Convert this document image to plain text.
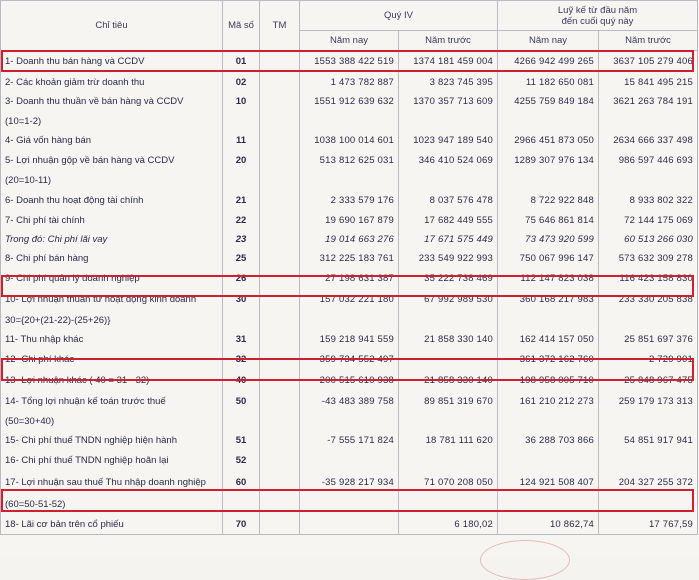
Chỉ tiêu	Mã số	TM	Quý IV		Luỹ kế từ đầu năm
đến cuối quý này	

			Năm nay	Năm trước	Năm nay	Năm trước
1- Doanh thu bán hàng và CCDV	01		1553 388 422 519	1374 181 459 004	4266 942 499 265	3637 105 279 406
2- Các khoản giảm trừ doanh thu	02		1 473 782 887	3 823 745 395	11 182 650 081	15 841 495 215
3- Doanh thu thuần về bán hàng và CCDV	10		1551 912 639 632	1370 357 713 609	4255 759 849 184	3621 263 784 191
(10=1-2)						
4- Giá vốn hàng bán	11		1038 100 014 601	1023 947 189 540	2966 451 873 050	2634 666 337 498
5- Lợi nhuận gộp về bán hàng và CCDV	20		513 812 625 031	346 410 524 069	1289 307 976 134	986 597 446 693
(20=10-11)						
6- Doanh thu hoạt động tài chính	21		2 333 579 176	8 037 576 478	8 722 922 848	8 933 802 322
7- Chi phí tài chính	22		19 690 167 879	17 682 449 555	75 646 861 814	72 144 175 069
Trong đó: Chi phí lãi vay	23		19 014 663 276	17 671 575 449	73 473 920 599	60 513 266 030
8- Chi phí bán hàng	25		312 225 183 761	233 549 922 993	750 067 996 147	573 632 309 278
9- Chi phí quản lý doanh nghiệp	26		27 198 631 387	35 222 738 469	112 147 823 038	116 423 158 830
10- Lợi nhuận thuần từ hoạt động kinh doanh	30		157 032 221 180	67 992 989 530	360 168 217 983	233 330 205 838
30={20+(21-22)-(25+26)}						
11- Thu nhập khác	31		159 218 941 559	21 858 330 140	162 414 157 050	25 851 697 376
12- Chi phí khác	32		359 734 552 497		361 372 162 760	2 729 901
13- Lợi nhuận khác ( 40 = 31 - 32)	40		-200 515 610 938	21 858 330 140	-198 958 005 710	25 848 967 475
14- Tổng lợi nhuận kế toán trước thuế	50		-43 483 389 758	89 851 319 670	161 210 212 273	259 179 173 313
(50=30+40)						
15- Chi phí thuế TNDN nghiệp hiện hành	51		-7 555 171 824	18 781 111 620	36 288 703 866	54 851 917 941
16- Chi phí thuế TNDN nghiệp hoãn lại	52					
17- Lợi nhuận sau thuế Thu nhập doanh nghiệp	60		-35 928 217 934	71 070 208 050	124 921 508 407	204 327 255 372
(60=50-51-52)						
18- Lãi cơ bản trên cổ phiếu	70			6 180,02	10 862,74	17 767,59
